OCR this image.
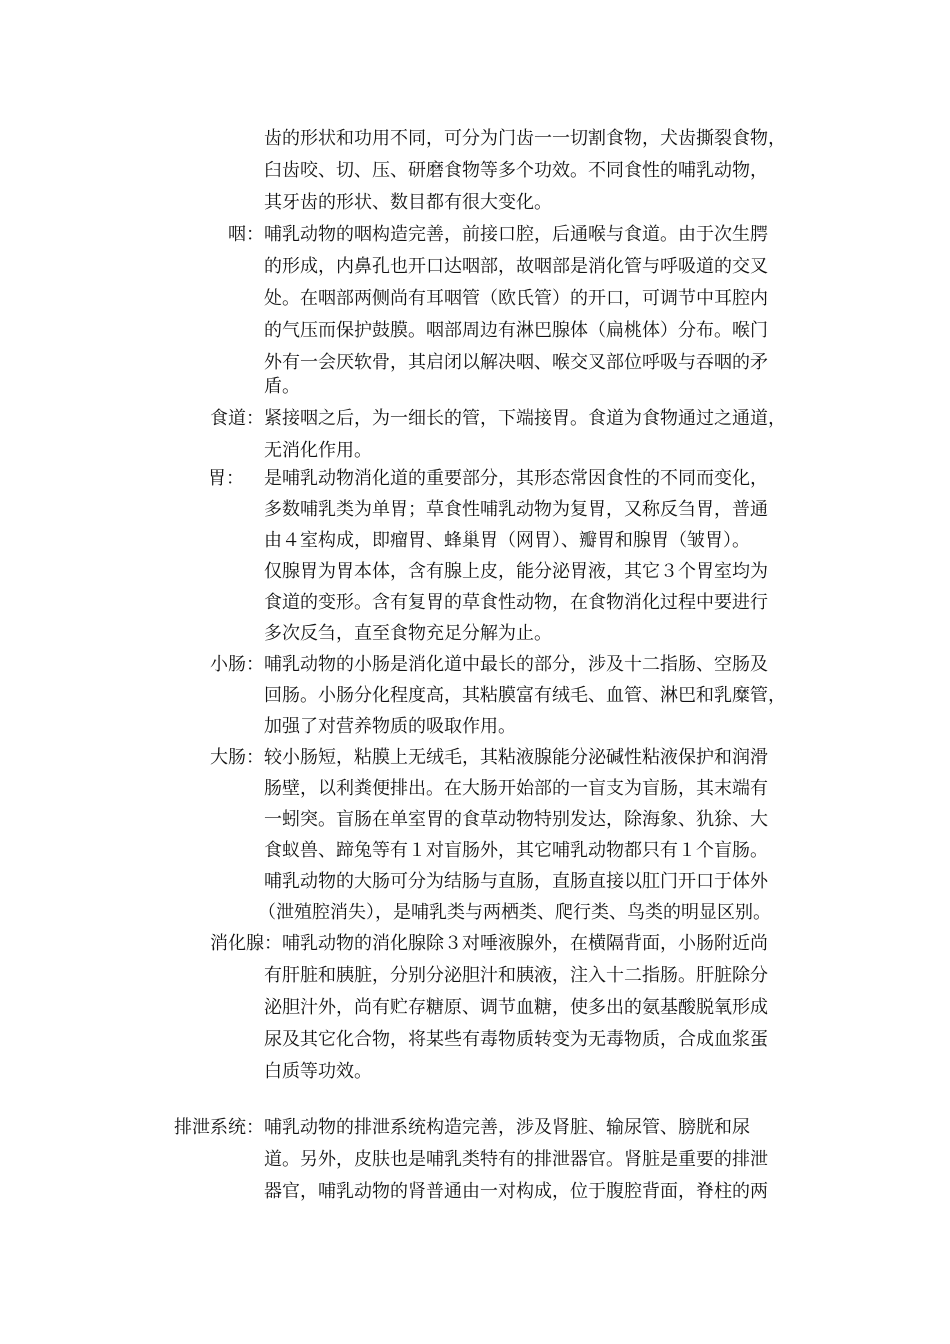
齿的形状和功用不同，可分为门齿一一切割食物，犬齿撕裂食物，
臼齿咬、切、压、研磨食物等多个功效。不同食性的哺乳动物，
其牙齿的形状、数目都有很大变化。
咽： 哺乳动物的咽构造完善，前接口腔，后通喉与食道。由于次生腭
的形成，内鼻孔也开口达咽部，故咽部是消化管与呼吸道的交叉
处。在咽部两侧尚有耳咽管（欧氏管）的开口，可调节中耳腔内
的气压而保护鼓膜。咽部周边有淋巴腺体（扁桃体）分布。喉门
外有一会厌软骨，其启闭以解决咽、喉交叉部位呼吸与吞咽的矛
盾。
食道： 紧接咽之后，为一细长的管，下端接胃。食道为食物通过之通道，
无消化作用。
胃： 是哺乳动物消化道的重要部分，其形态常因食性的不同而变化，
多数哺乳类为单胃；草食性哺乳动物为复胃，又称反刍胃，普通
由４室构成，即瘤胃、蜂巢胃（网胃）、瓣胃和腺胃（皱胃）。
仅腺胃为胃本体，含有腺上皮，能分泌胃液，其它３个胃室均为
食道的变形。含有复胃的草食性动物，在食物消化过程中要进行
多次反刍，直至食物充足分解为止。
小肠： 哺乳动物的小肠是消化道中最长的部分，涉及十二指肠、空肠及
回肠。小肠分化程度高，其粘膜富有绒毛、血管、淋巴和乳糜管，
加强了对营养物质的吸取作用。
大肠： 较小肠短，粘膜上无绒毛，其粘液腺能分泌碱性粘液保护和润滑
肠壁，以利粪便排出。在大肠开始部的一盲支为盲肠，其末端有
一蚓突。盲肠在单室胃的食草动物特别发达，除海象、犰狳、大
食蚁兽、蹄兔等有１对盲肠外，其它哺乳动物都只有１个盲肠。
哺乳动物的大肠可分为结肠与直肠，直肠直接以肛门开口于体外
（泄殖腔消失），是哺乳类与两栖类、爬行类、鸟类的明显区别。
消化腺： 哺乳动物的消化腺除３对唾液腺外，在横隔背面，小肠附近尚
有肝脏和胰脏，分别分泌胆汁和胰液，注入十二指肠。肝脏除分
泌胆汁外，尚有贮存糖原、调节血糖，使多出的氨基酸脱氧形成
尿及其它化合物，将某些有毒物质转变为无毒物质，合成血浆蛋
白质等功效。
排泄系统： 哺乳动物的排泄系统构造完善，涉及肾脏、输尿管、膀胱和尿
道。另外，皮肤也是哺乳类特有的排泄器官。肾脏是重要的排泄
器官，哺乳动物的肾普通由一对构成，位于腹腔背面，脊柱的两
